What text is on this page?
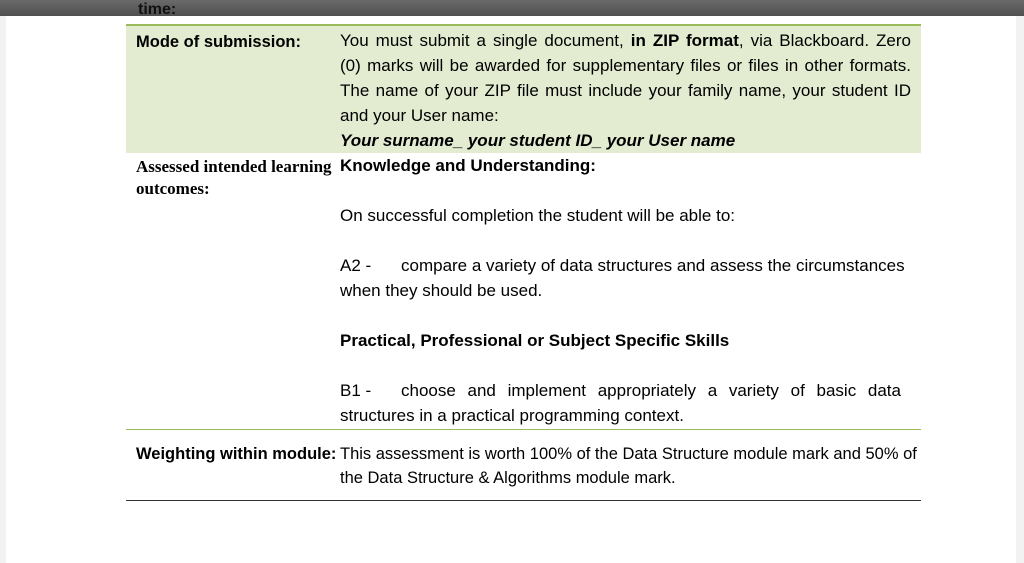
time:
Mode of submission:	You must submit a single document, in ZIP format, via Blackboard. Zero (0) marks will be awarded for supplementary files or files in other formats. The name of your ZIP file must include your family name, your student ID and your User name:
Your surname_ your student ID_ your User name

Assessed intended learning outcomes:	Knowledge and Understanding:
On successful completion the student will be able to:
A2 - compare a variety of data structures and assess the circumstances when they should be used.
Practical, Professional or Subject Specific Skills
B1 - choose and implement appropriately a variety of basic data structures in a practical programming context.

Weighting within module:	This assessment is worth 100% of the Data Structure module mark and 50% of the Data Structure & Algorithms module mark.
